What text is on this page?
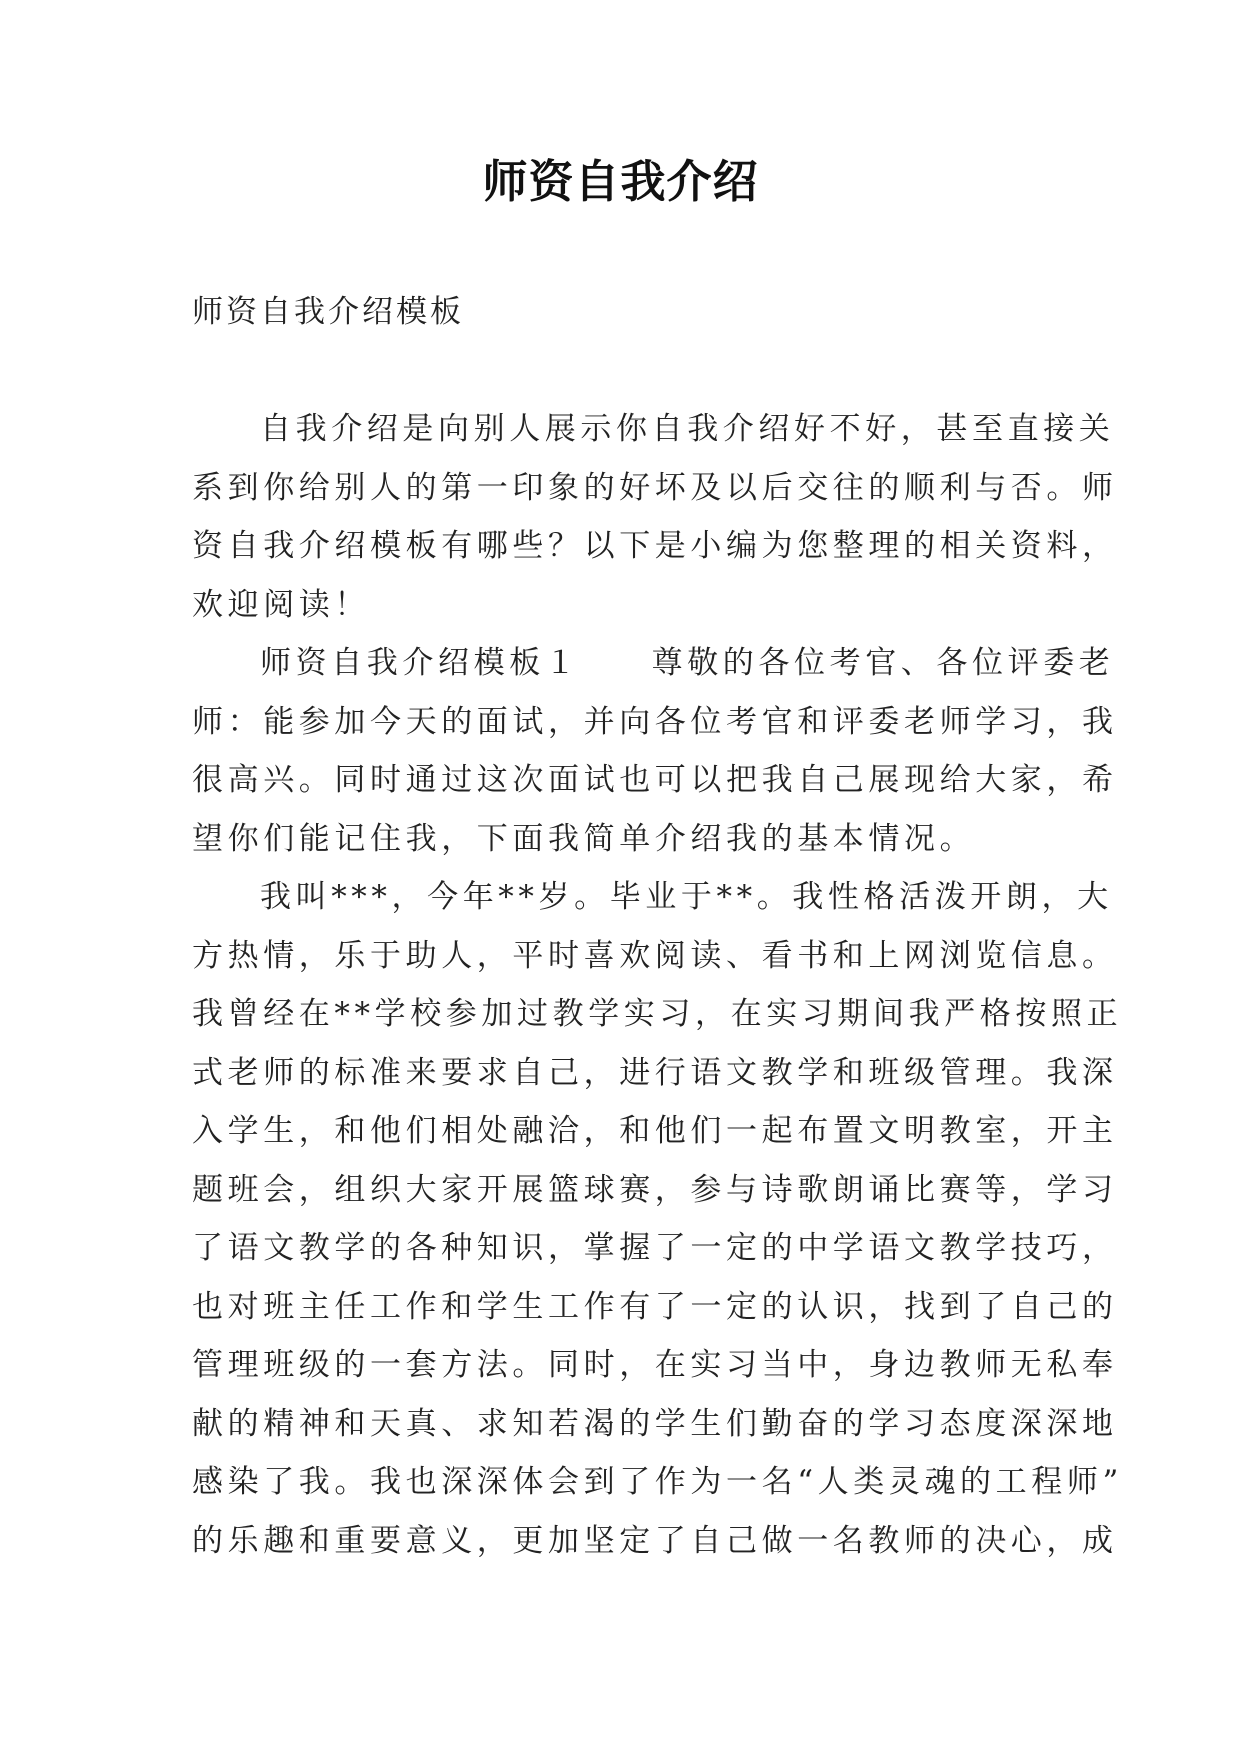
师资自我介绍
师资自我介绍模板
自我介绍是向别人展示你自我介绍好不好，甚至直接关
系到你给别人的第一印象的好坏及以后交往的顺利与否。师
资自我介绍模板有哪些？以下是小编为您整理的相关资料，
欢迎阅读！
师资自我介绍模板１　　尊敬的各位考官、各位评委老
师：能参加今天的面试，并向各位考官和评委老师学习，我
很高兴。同时通过这次面试也可以把我自己展现给大家，希
望你们能记住我，下面我简单介绍我的基本情况。
我叫***，今年**岁。毕业于**。我性格活泼开朗，大
方热情，乐于助人，平时喜欢阅读、看书和上网浏览信息。
我曾经在**学校参加过教学实习，在实习期间我严格按照正
式老师的标准来要求自己，进行语文教学和班级管理。我深
入学生，和他们相处融洽，和他们一起布置文明教室，开主
题班会，组织大家开展篮球赛，参与诗歌朗诵比赛等，学习
了语文教学的各种知识，掌握了一定的中学语文教学技巧，
也对班主任工作和学生工作有了一定的认识，找到了自己的
管理班级的一套方法。同时，在实习当中，身边教师无私奉
献的精神和天真、求知若渴的学生们勤奋的学习态度深深地
感染了我。我也深深体会到了作为一名“人类灵魂的工程师”
的乐趣和重要意义，更加坚定了自己做一名教师的决心，成
